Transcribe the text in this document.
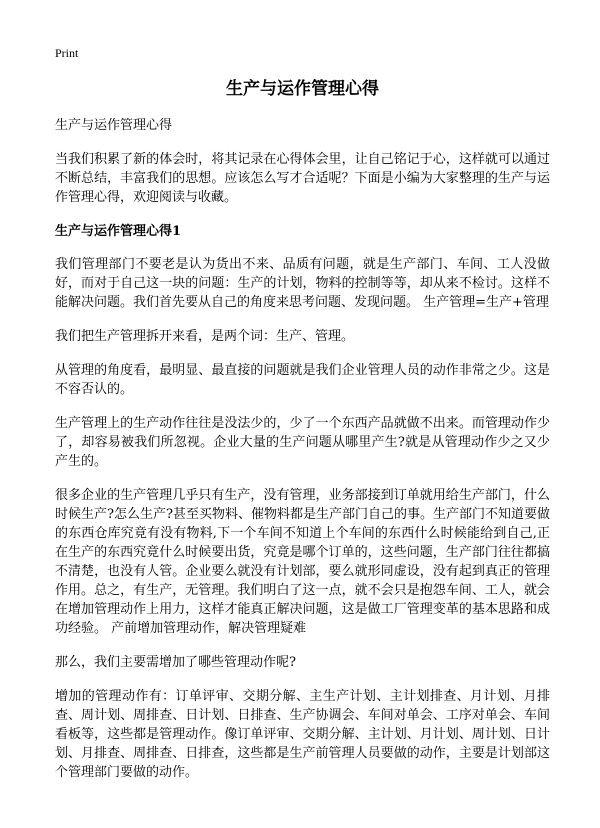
Print
生产与运作管理心得

生产与运作管理心得

当我们积累了新的体会时，将其记录在心得体会里，让自己铭记于心，这样就可以通过不断总结，丰富我们的思想。应该怎么写才合适呢？下面是小编为大家整理的生产与运作管理心得，欢迎阅读与收藏。

生产与运作管理心得1

我们管理部门不要老是认为货出不来、品质有问题，就是生产部门、车间、工人没做好，而对于自己这一块的问题：生产的计划，物料的控制等等，却从来不检讨。这样不能解决问题。我们首先要从自己的角度来思考问题、发现问题。 生产管理=生产+管理

我们把生产管理拆开来看，是两个词：生产、管理。

从管理的角度看，最明显、最直接的问题就是我们企业管理人员的动作非常之少。这是不容否认的。

生产管理上的生产动作往往是没法少的，少了一个东西产品就做不出来。而管理动作少了，却容易被我们所忽视。企业大量的生产问题从哪里产生?就是从管理动作少之又少产生的。

很多企业的生产管理几乎只有生产，没有管理，业务部接到订单就用给生产部门，什么时候生产?怎么生产?甚至买物料、催物料都是生产部门自己的事。生产部门不知道要做的东西仓库究竟有没有物料,下一个车间不知道上个车间的东西什么时候能给到自己,正在生产的东西究竟什么时候要出货，究竟是哪个订单的，这些问题，生产部门往往都搞不清楚，也没有人管。企业要么就没有计划部，要么就形同虚设，没有起到真正的管理作用。总之，有生产，无管理。我们明白了这一点，就不会只是抱怨车间、工人，就会在增加管理动作上用力，这样才能真正解决问题，这是做工厂管理变革的基本思路和成功经验。 产前增加管理动作，解决管理疑难

那么，我们主要需增加了哪些管理动作呢?

增加的管理动作有：订单评审、交期分解、主生产计划、主计划排查、月计划、月排查、周计划、周排查、日计划、日排查、生产协调会、车间对单会、工序对单会、车间看板等，这些都是管理动作。像订单评审、交期分解、主计划、月计划、周计划、日计划、月排查、周排查、日排查，这些都是生产前管理人员要做的动作，主要是计划部这个管理部门要做的动作。
